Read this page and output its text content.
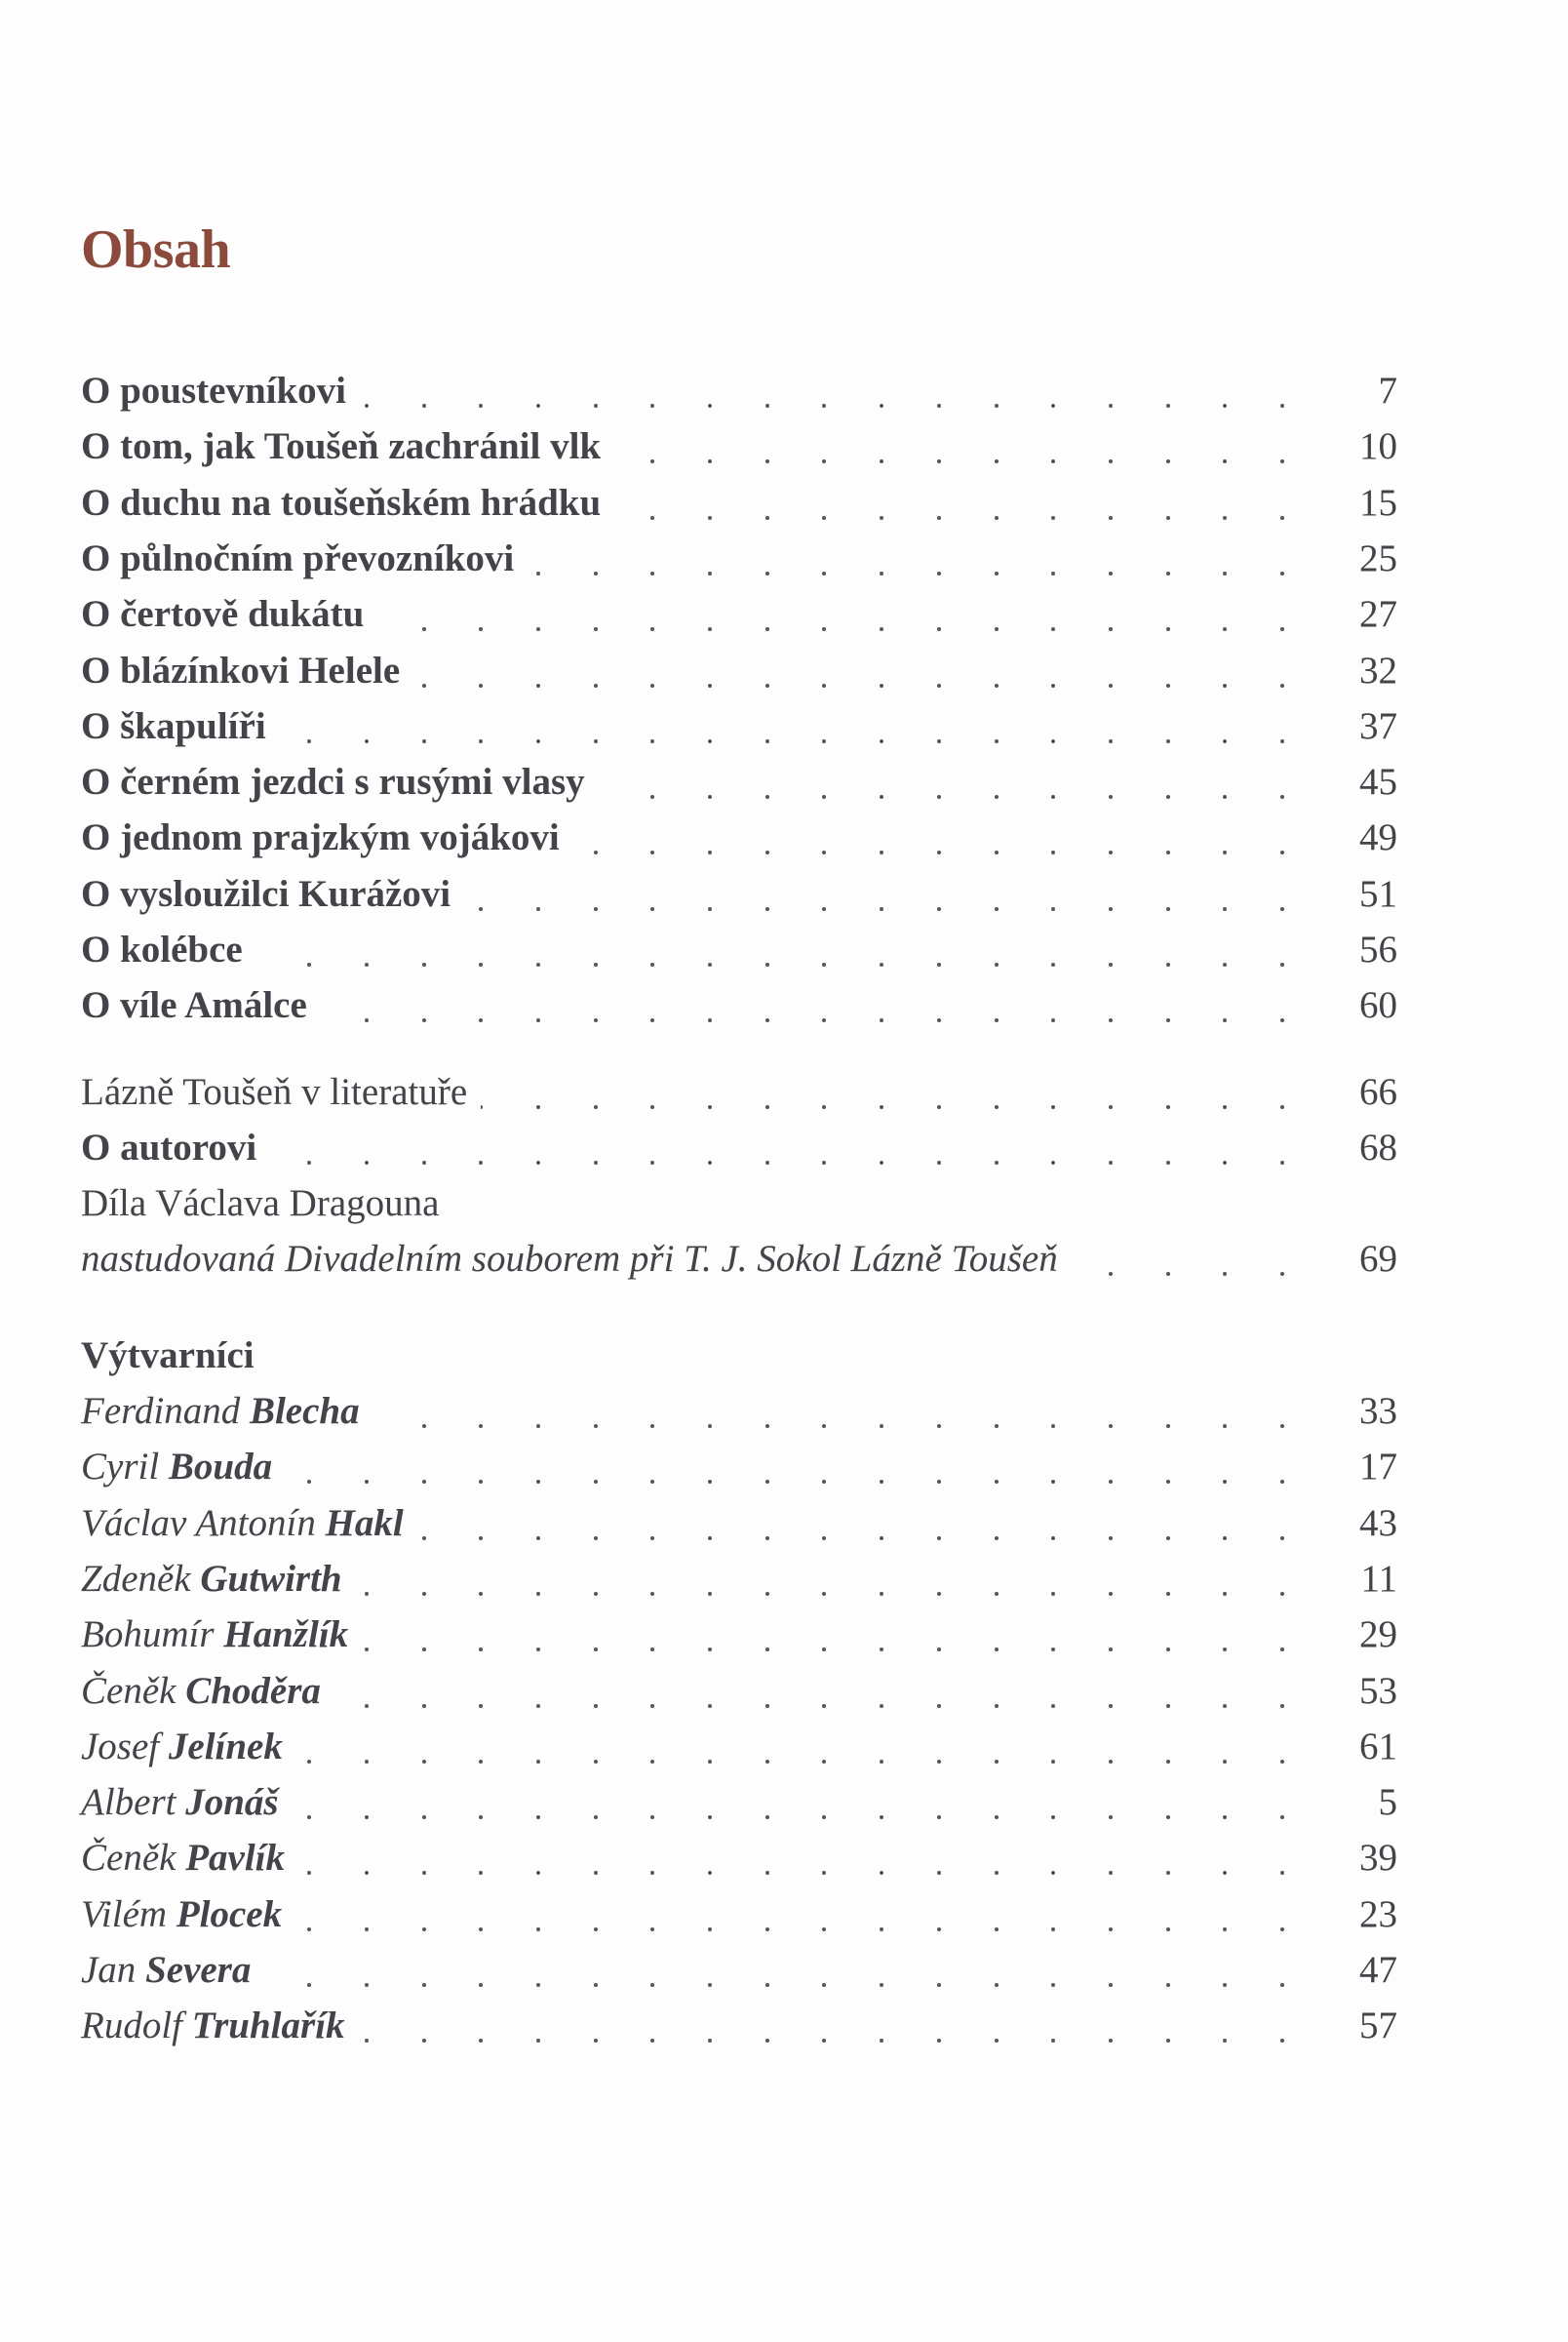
Obsah
O poustevníkovi	7
O tom, jak Toušeň zachránil vlk	10
O duchu na toušeňském hrádku	15
O půlnočním převozníkovi	25
O čertově dukátu	27
O blázínkovi Helele	32
O škapulíři	37
O černém jezdci s rusými vlasy	45
O jednom prajzkým vojákovi	49
O vysloužilci Kurážovi	51
O kolébce	56
O víle Amálce	60
Lázně Toušeň v literatuře	66
O autorovi	68
Díla Václava Dragouna
nastudovaná Divadelním souborem při T. J. Sokol Lázně Toušeň	69
Ferdinand Blecha	33
Cyril Bouda	17
Václav Antonín Hakl	43
Zdeněk Gutwirth	11
Bohumír Hanžlík	29
Čeněk Choděra	53
Josef Jelínek	61
Albert Jonáš	5
Čeněk Pavlík	39
Vilém Plocek	23
Jan Severa	47
Rudolf Truhlařík	57
Výtvarníci
